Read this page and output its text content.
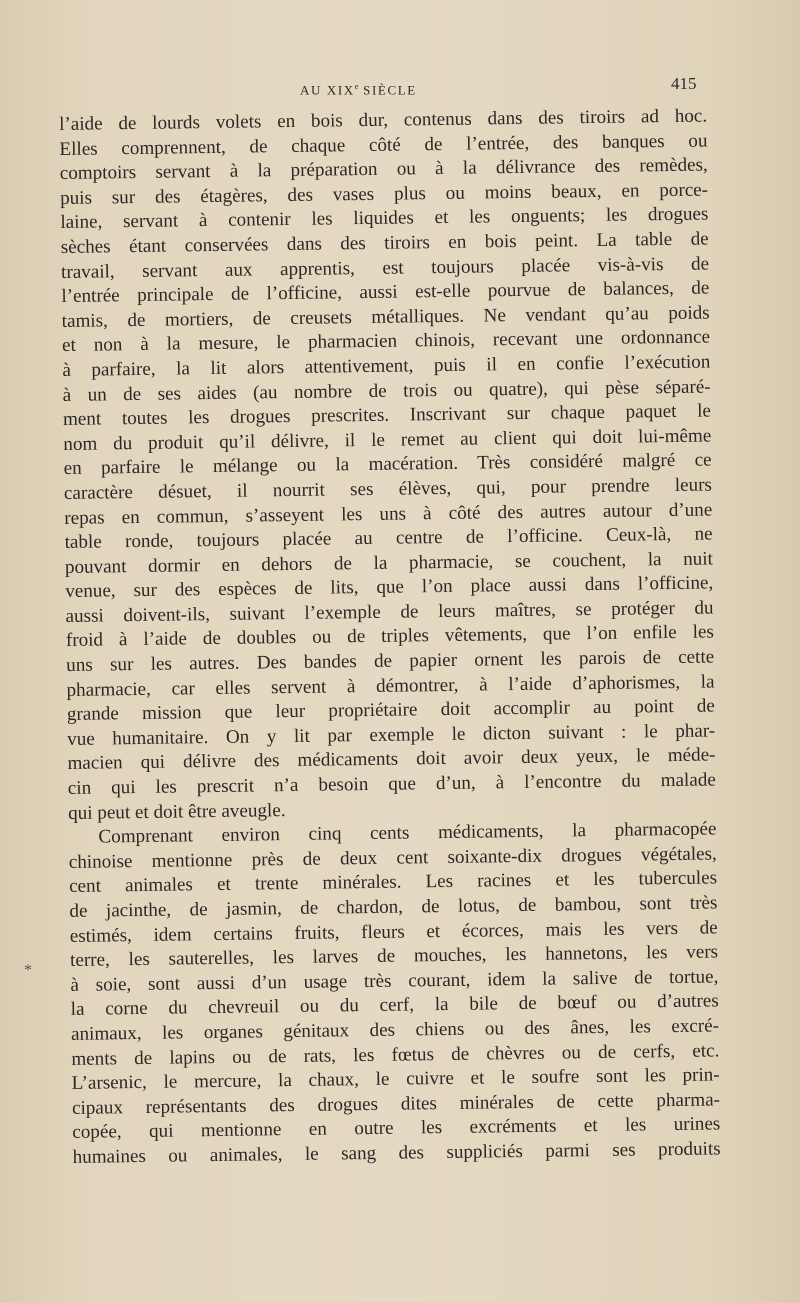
AU XIXe SIÈCLE	415
l’aide de lourds volets en bois dur, contenus dans des tiroirs ad hoc.
Elles comprennent, de chaque côté de l’entrée, des banques ou
comptoirs servant à la préparation ou à la délivrance des remèdes,
puis sur des étagères, des vases plus ou moins beaux, en porce-
laine, servant à contenir les liquides et les onguents; les drogues
sèches étant conservées dans des tiroirs en bois peint. La table de
travail, servant aux apprentis, est toujours placée vis-à-vis de
l’entrée principale de l’officine, aussi est-elle pourvue de balances, de
tamis, de mortiers, de creusets métalliques. Ne vendant qu’au poids
et non à la mesure, le pharmacien chinois, recevant une ordonnance
à parfaire, la lit alors attentivement, puis il en confie l’exécution
à un de ses aides (au nombre de trois ou quatre), qui pèse séparé-
ment toutes les drogues prescrites. Inscrivant sur chaque paquet le
nom du produit qu’il délivre, il le remet au client qui doit lui-même
en parfaire le mélange ou la macération. Très considéré malgré ce
caractère désuet, il nourrit ses élèves, qui, pour prendre leurs
repas en commun, s’asseyent les uns à côté des autres autour d’une
table ronde, toujours placée au centre de l’officine. Ceux-là, ne
pouvant dormir en dehors de la pharmacie, se couchent, la nuit
venue, sur des espèces de lits, que l’on place aussi dans l’officine,
aussi doivent-ils, suivant l’exemple de leurs maîtres, se protéger du
froid à l’aide de doubles ou de triples vêtements, que l’on enfile les
uns sur les autres. Des bandes de papier ornent les parois de cette
pharmacie, car elles servent à démontrer, à l’aide d’aphorismes, la
grande mission que leur propriétaire doit accomplir au point de
vue humanitaire. On y lit par exemple le dicton suivant : le phar-
macien qui délivre des médicaments doit avoir deux yeux, le méde-
cin qui les prescrit n’a besoin que d’un, à l’encontre du malade
qui peut et doit être aveugle.
Comprenant environ cinq cents médicaments, la pharmacopée
chinoise mentionne près de deux cent soixante-dix drogues végétales,
cent animales et trente minérales. Les racines et les tubercules
de jacinthe, de jasmin, de chardon, de lotus, de bambou, sont très
estimés, idem certains fruits, fleurs et écorces, mais les vers de
terre, les sauterelles, les larves de mouches, les hannetons, les vers
à soie, sont aussi d’un usage très courant, idem la salive de tortue,
la corne du chevreuil ou du cerf, la bile de bœuf ou d’autres
animaux, les organes génitaux des chiens ou des ânes, les excré-
ments de lapins ou de rats, les fœtus de chèvres ou de cerfs, etc.
L’arsenic, le mercure, la chaux, le cuivre et le soufre sont les prin-
cipaux représentants des drogues dites minérales de cette pharma-
copée, qui mentionne en outre les excréments et les urines
humaines ou animales, le sang des suppliciés parmi ses produits
*
